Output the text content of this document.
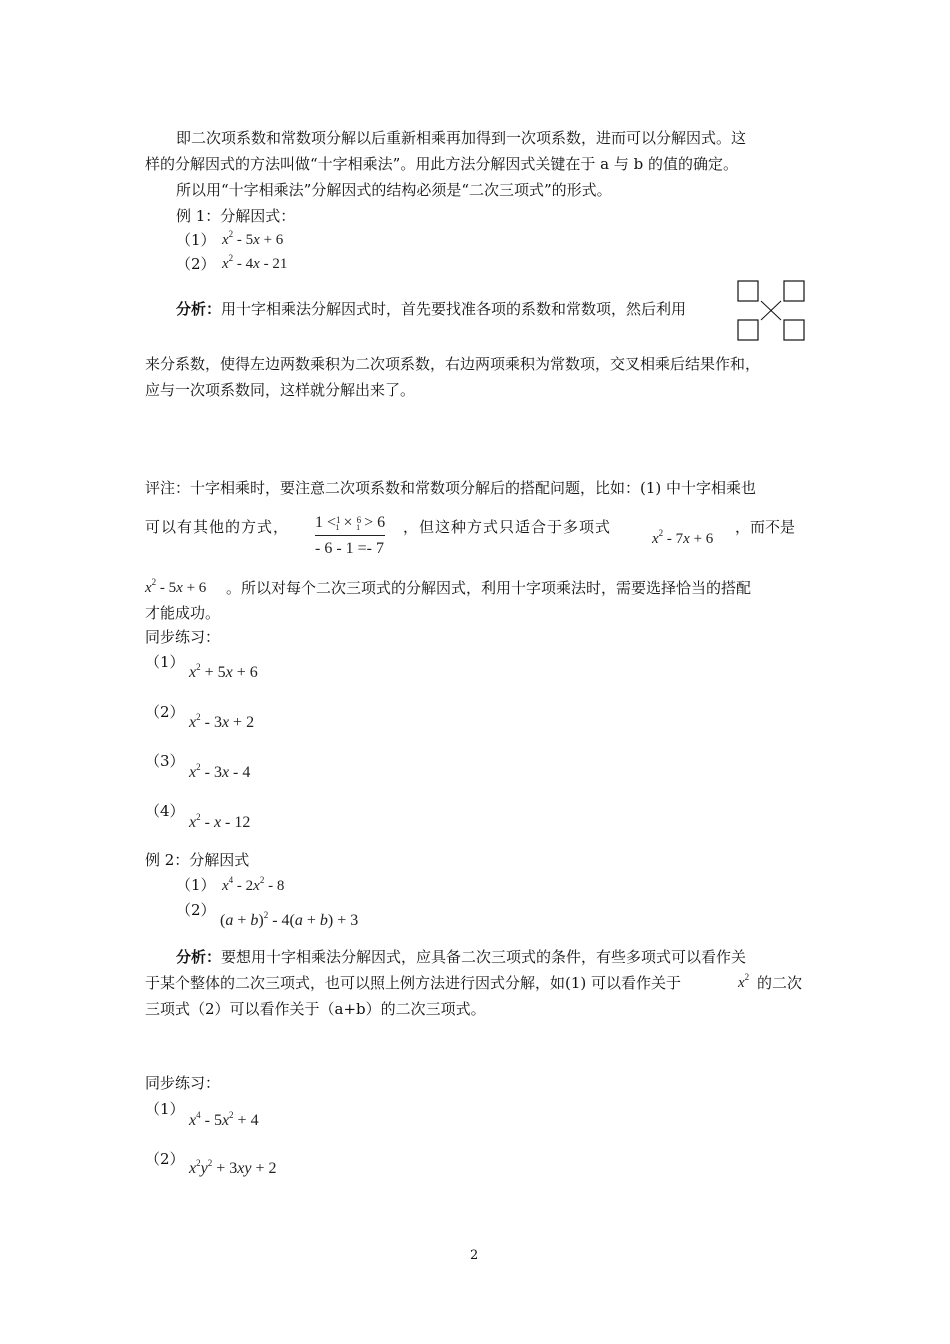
即二次项系数和常数项分解以后重新相乘再加得到一次项系数，进而可以分解因式。这
样的分解因式的方法叫做“十字相乘法”。用此方法分解因式关键在于 a 与 b 的值的确定。
所以用“十字相乘法”分解因式的结构必须是“二次三项式”的形式。
例 1：分解因式：
（1） $x^2 - 5x + 6$
（2） $x^2 - 4x - 21$
分析：用十字相乘法分解因式时，首先要找准各项的系数和常数项，然后利用
来分系数，使得左边两数乘积为二次项系数，右边两项乘积为常数项，交叉相乘后结果作和，
应与一次项系数同，这样就分解出来了。
评注：十字相乘时，要注意二次项系数和常数项分解后的搭配问题，比如：(1) 中十字相乘也
可以有其他的方式， 1 <$^1$1 × $^6$1 > 6
- 6 - 1 =- 7
，但这种方式只适合于多项式
$x^2 - 7x + 6$
，而不是
$x^2 - 5x + 6$ 。所以对每个二次三项式的分解因式，利用十字项乘法时，需要选择恰当的搭配
才能成功。
同步练习：
（1）
$x^2 + 5x + 6$
（2）
$x^2 - 3x + 2$
（3）
$x^2 - 3x - 4$
（4）
$x^2$ - x - 12
例 2：分解因式
（1） $x^4 - 2x^2 - 8$
（2）
$(a + b)^2 - 4(a + b) + 3$
分析：要想用十字相乘法分解因式，应具备二次三项式的条件，有些多项式可以看作关
于某个整体的二次三项式，也可以照上例方法进行因式分解，如(1) 可以看作关于	$x^2$ 的二次
三项式（2）可以看作关于（a+b）的二次三项式。
同步练习：
（1）
$x^4 - 5x^2 + 4$
（2）
$x^2y^2 + 3xy + 2$
2
